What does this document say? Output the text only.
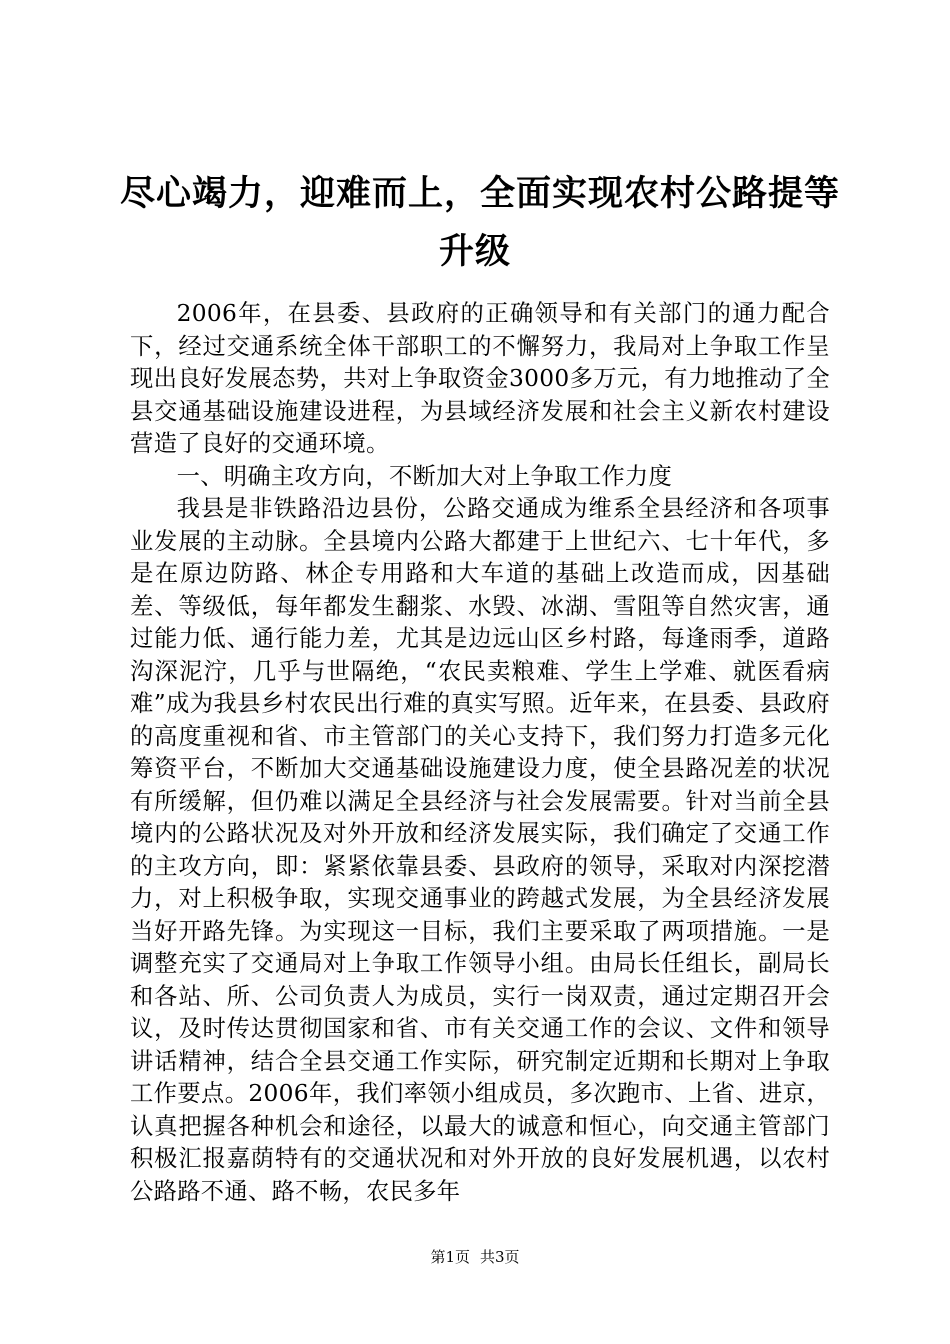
尽心竭力，迎难而上，全面实现农村公路提等
升级

2006年，在县委、县政府的正确领导和有关部门的通力配合下，经过交通系统全体干部职工的不懈努力，我局对上争取工作呈现出良好发展态势，共对上争取资金3000多万元，有力地推动了全县交通基础设施建设进程，为县域经济发展和社会主义新农村建设营造了良好的交通环境。

一、明确主攻方向，不断加大对上争取工作力度

我县是非铁路沿边县份，公路交通成为维系全县经济和各项事业发展的主动脉。全县境内公路大都建于上世纪六、七十年代，多是在原边防路、林企专用路和大车道的基础上改造而成，因基础差、等级低，每年都发生翻浆、水毁、冰湖、雪阻等自然灾害，通过能力低、通行能力差，尤其是边远山区乡村路，每逢雨季，道路沟深泥泞，几乎与世隔绝，“农民卖粮难、学生上学难、就医看病难”成为我县乡村农民出行难的真实写照。近年来，在县委、县政府的高度重视和省、市主管部门的关心支持下，我们努力打造多元化筹资平台，不断加大交通基础设施建设力度，使全县路况差的状况有所缓解，但仍难以满足全县经济与社会发展需要。针对当前全县境内的公路状况及对外开放和经济发展实际，我们确定了交通工作的主攻方向，即：紧紧依靠县委、县政府的领导，采取对内深挖潜力，对上积极争取，实现交通事业的跨越式发展，为全县经济发展当好开路先锋。为实现这一目标，我们主要采取了两项措施。一是调整充实了交通局对上争取工作领导小组。由局长任组长，副局长和各站、所、公司负责人为成员，实行一岗双责，通过定期召开会议，及时传达贯彻国家和省、市有关交通工作的会议、文件和领导讲话精神，结合全县交通工作实际，研究制定近期和长期对上争取工作要点。2006年，我们率领小组成员，多次跑市、上省、进京，认真把握各种机会和途径，以最大的诚意和恒心，向交通主管部门积极汇报嘉荫特有的交通状况和对外开放的良好发展机遇，以农村公路路不通、路不畅，农民多年

第1页 共3页
